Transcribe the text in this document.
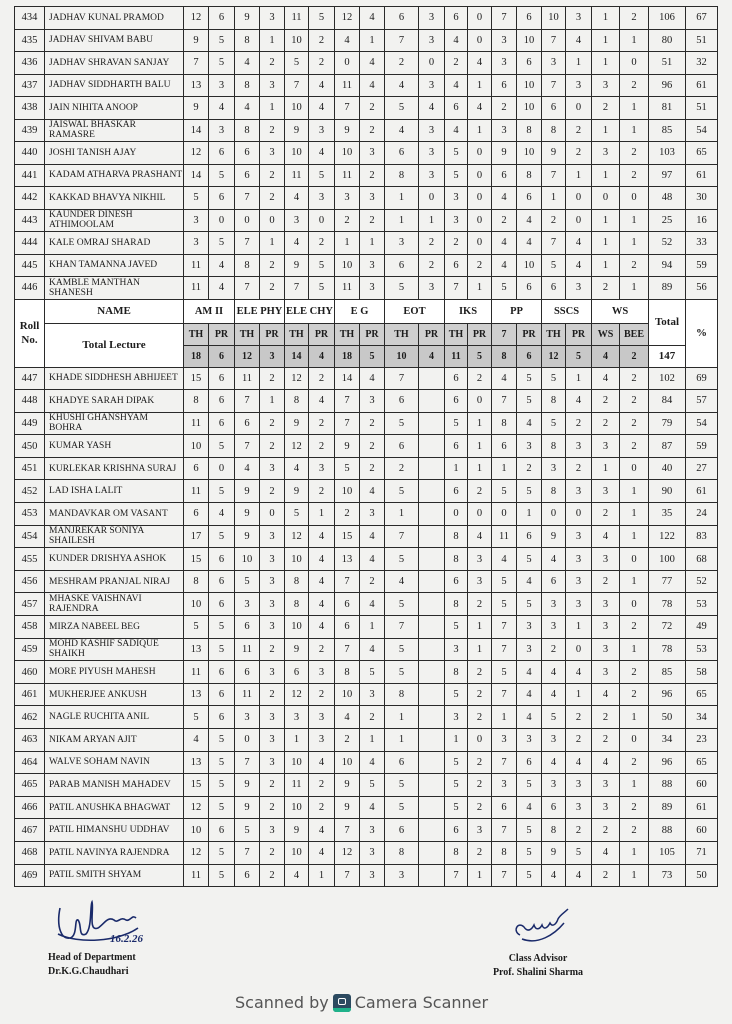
434	JADHAV KUNAL PRAMOD	12	6	9	3	11	5	12	4	6	3	6	0	7	6	10	3	1	2	106	67
435	JADHAV SHIVAM BABU	9	5	8	1	10	2	4	1	7	3	4	0	3	10	7	4	1	1	80	51
436	JADHAV SHRAVAN SANJAY	7	5	4	2	5	2	0	4	2	0	2	4	3	6	3	1	1	0	51	32
437	JADHAV SIDDHARTH BALU	13	3	8	3	7	4	11	4	4	3	4	1	6	10	7	3	3	2	96	61
438	JAIN NIHITA ANOOP	9	4	4	1	10	4	7	2	5	4	6	4	2	10	6	0	2	1	81	51
439	JAISWAL BHASKAR RAMASRE	14	3	8	2	9	3	9	2	4	3	4	1	3	8	8	2	1	1	85	54
440	JOSHI TANISH AJAY	12	6	6	3	10	4	10	3	6	3	5	0	9	10	9	2	3	2	103	65
441	KADAM ATHARVA PRASHANT	14	5	6	2	11	5	11	2	8	3	5	0	6	8	7	1	1	2	97	61
442	KAKKAD BHAVYA NIKHIL	5	6	7	2	4	3	3	3	1	0	3	0	4	6	1	0	0	0	48	30
443	KAUNDER DINESH ATHIMOOLAM	3	0	0	0	3	0	2	2	1	1	3	0	2	4	2	0	1	1	25	16
444	KALE OMRAJ SHARAD	3	5	7	1	4	2	1	1	3	2	2	0	4	4	7	4	1	1	52	33
445	KHAN TAMANNA JAVED	11	4	8	2	9	5	10	3	6	2	6	2	4	10	5	4	1	2	94	59
446	KAMBLE MANTHAN SHANESH	11	4	7	2	7	5	11	3	5	3	7	1	5	6	6	3	2	1	89	56
Roll No.	NAME	AM II		ELE PHY		ELE CHY		E G		EOT		IKS		PP		SSCS		WS		Total	%
	Total Lecture	TH	PR	TH	PR	TH	PR	TH	PR	TH	PR	TH	PR	7	PR	TH	PR	WS	BEE		
		18	6	12	3	14	4	18	5	10	4	11	5	8	6	12	5	4	2	147	
447	KHADE SIDDHESH ABHIJEET	15	6	11	2	12	2	14	4	7		6	2	4	5	5	1	4	2	102	69
448	KHADYE SARAH DIPAK	8	6	7	1	8	4	7	3	6		6	0	7	5	8	4	2	2	84	57
449	KHUSHI GHANSHYAM BOHRA	11	6	6	2	9	2	7	2	5		5	1	8	4	5	2	2	2	79	54
450	KUMAR YASH	10	5	7	2	12	2	9	2	6		6	1	6	3	8	3	3	2	87	59
451	KURLEKAR KRISHNA SURAJ	6	0	4	3	4	3	5	2	2		1	1	1	2	3	2	1	0	40	27
452	LAD ISHA LALIT	11	5	9	2	9	2	10	4	5		6	2	5	5	8	3	3	1	90	61
453	MANDAVKAR OM VASANT	6	4	9	0	5	1	2	3	1		0	0	0	1	0	0	2	1	35	24
454	MANJREKAR SONIYA SHAILESH	17	5	9	3	12	4	15	4	7		8	4	11	6	9	3	4	1	122	83
455	KUNDER DRISHYA ASHOK	15	6	10	3	10	4	13	4	5		8	3	4	5	4	3	3	0	100	68
456	MESHRAM PRANJAL NIRAJ	8	6	5	3	8	4	7	2	4		6	3	5	4	6	3	2	1	77	52
457	MHASKE VAISHNAVI RAJENDRA	10	6	3	3	8	4	6	4	5		8	2	5	5	3	3	3	0	78	53
458	MIRZA NABEEL BEG	5	5	6	3	10	4	6	1	7		5	1	7	3	3	1	3	2	72	49
459	MOHD KASHIF SADIQUE SHAIKH	13	5	11	2	9	2	7	4	5		3	1	7	3	2	0	3	1	78	53
460	MORE PIYUSH MAHESH	11	6	6	3	6	3	8	5	5		8	2	5	4	4	4	3	2	85	58
461	MUKHERJEE ANKUSH	13	6	11	2	12	2	10	3	8		5	2	7	4	4	1	4	2	96	65
462	NAGLE RUCHITA ANIL	5	6	3	3	3	3	4	2	1		3	2	1	4	5	2	2	1	50	34
463	NIKAM ARYAN AJIT	4	5	0	3	1	3	2	1	1		1	0	3	3	3	2	2	0	34	23
464	WALVE SOHAM NAVIN	13	5	7	3	10	4	10	4	6		5	2	7	6	4	4	4	2	96	65
465	PARAB MANISH MAHADEV	15	5	9	2	11	2	9	5	5		5	2	3	5	3	3	3	1	88	60
466	PATIL ANUSHKA BHAGWAT	12	5	9	2	10	2	9	4	5		5	2	6	4	6	3	3	2	89	61
467	PATIL HIMANSHU UDDHAV	10	6	5	3	9	4	7	3	6		6	3	7	5	8	2	2	2	88	60
468	PATIL NAVINYA RAJENDRA	12	5	7	2	10	4	12	3	8		8	2	8	5	9	5	4	1	105	71
469	PATIL SMITH SHYAM	11	5	6	2	4	1	7	3	3		7	1	7	5	4	4	2	1	73	50
16.2.26
Head of Department
Dr.K.G.Chaudhari
Class Advisor
Prof. Shalini Sharma
Scanned by Camera Scanner
